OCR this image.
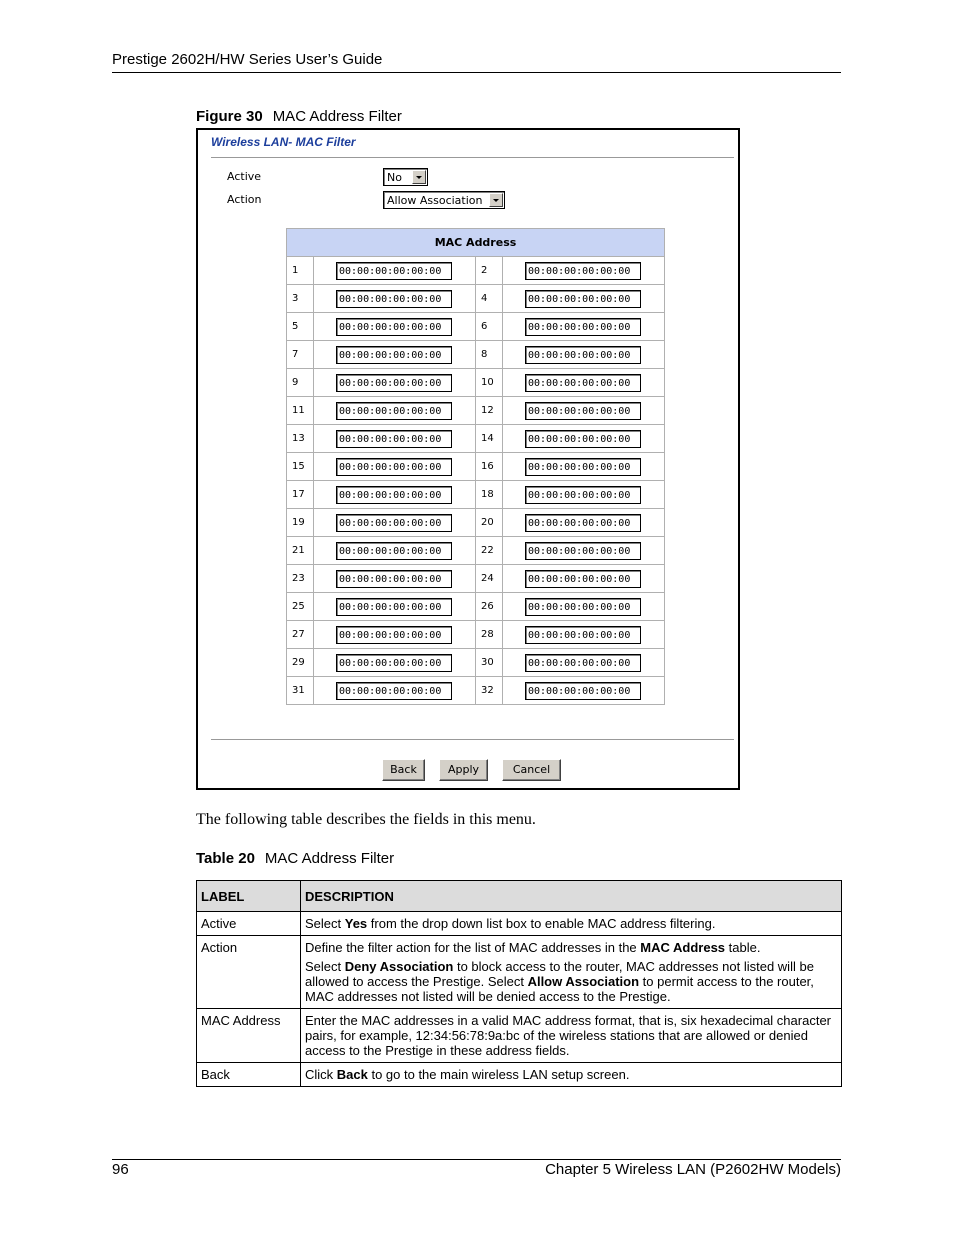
Prestige 2602H/HW Series User’s Guide
Figure 30 MAC Address Filter
Wireless LAN- MAC Filter
Active	No
Action	Allow Association
MAC Address			
1	00:00:00:00:00:00	2	00:00:00:00:00:00

3	00:00:00:00:00:00	4	00:00:00:00:00:00

5	00:00:00:00:00:00	6	00:00:00:00:00:00

7	00:00:00:00:00:00	8	00:00:00:00:00:00

9	00:00:00:00:00:00	10	00:00:00:00:00:00

11	00:00:00:00:00:00	12	00:00:00:00:00:00

13	00:00:00:00:00:00	14	00:00:00:00:00:00

15	00:00:00:00:00:00	16	00:00:00:00:00:00

17	00:00:00:00:00:00	18	00:00:00:00:00:00

19	00:00:00:00:00:00	20	00:00:00:00:00:00

21	00:00:00:00:00:00	22	00:00:00:00:00:00

23	00:00:00:00:00:00	24	00:00:00:00:00:00

25	00:00:00:00:00:00	26	00:00:00:00:00:00

27	00:00:00:00:00:00	28	00:00:00:00:00:00

29	00:00:00:00:00:00	30	00:00:00:00:00:00

31	00:00:00:00:00:00	32	00:00:00:00:00:00
Back	Apply	Cancel
The following table describes the fields in this menu.
Table 20 MAC Address Filter
LABEL	DESCRIPTION
Active	Select Yes from the drop down list box to enable MAC address filtering.
Action	Define the filter action for the list of MAC addresses in the MAC Address table.

Select Deny Association to block access to the router, MAC addresses not listed will be allowed to access the Prestige. Select Allow Association to permit access to the router, MAC addresses not listed will be denied access to the Prestige.

MAC Address	Enter the MAC addresses in a valid MAC address format, that is, six hexadecimal character pairs, for example, 12:34:56:78:9a:bc of the wireless stations that are allowed or denied access to the Prestige in these address fields.
Back	Click Back to go to the main wireless LAN setup screen.
96	Chapter 5 Wireless LAN (P2602HW Models)
